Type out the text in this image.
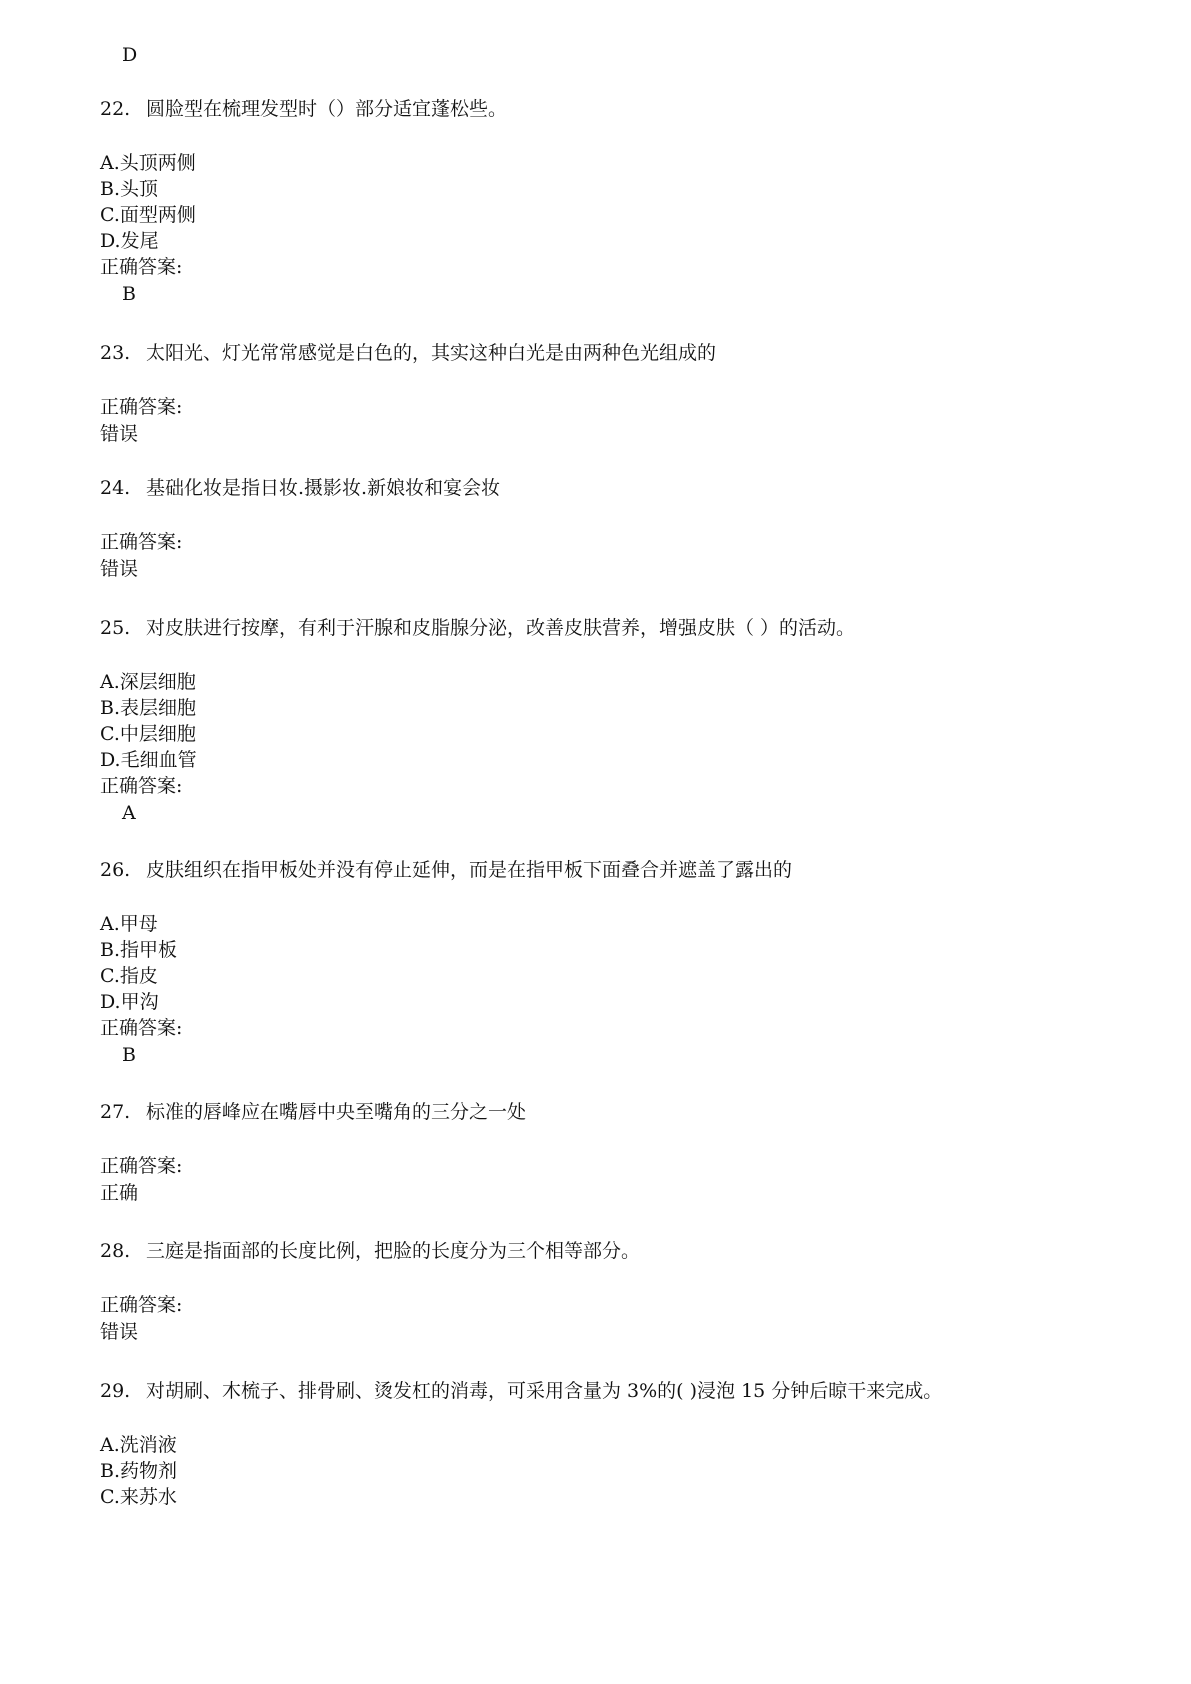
D
22. 圆脸型在梳理发型时（）部分适宜蓬松些。
A.头顶两侧
B.头顶
C.面型两侧
D.发尾
正确答案:
B
23. 太阳光、灯光常常感觉是白色的，其实这种白光是由两种色光组成的
正确答案:
错误
24. 基础化妆是指日妆.摄影妆.新娘妆和宴会妆
正确答案:
错误
25. 对皮肤进行按摩，有利于汗腺和皮脂腺分泌，改善皮肤营养，增强皮肤（ ）的活动。
A.深层细胞
B.表层细胞
C.中层细胞
D.毛细血管
正确答案:
A
26. 皮肤组织在指甲板处并没有停止延伸，而是在指甲板下面叠合并遮盖了露出的
A.甲母
B.指甲板
C.指皮
D.甲沟
正确答案:
B
27. 标准的唇峰应在嘴唇中央至嘴角的三分之一处
正确答案:
正确
28. 三庭是指面部的长度比例，把脸的长度分为三个相等部分。
正确答案:
错误
29. 对胡刷、木梳子、排骨刷、烫发杠的消毒，可采用含量为 3%的( )浸泡 15 分钟后晾干来完成。
A.洗消液
B.药物剂
C.来苏水
